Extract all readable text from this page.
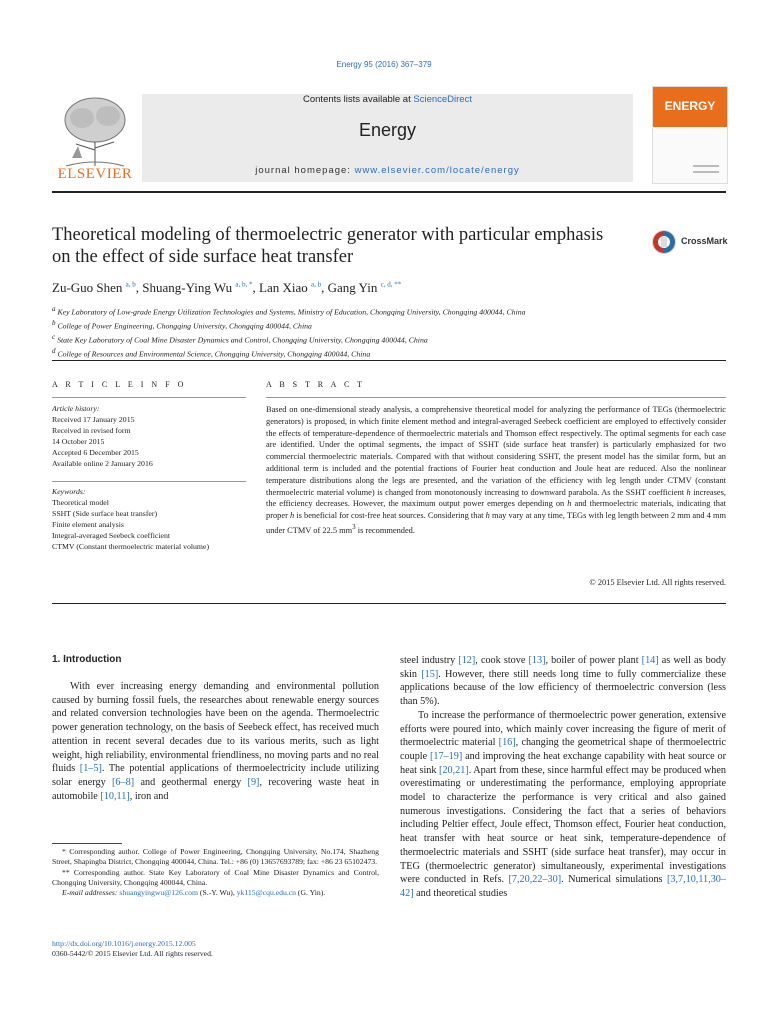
Energy 95 (2016) 367–379
ELSEVIER
Contents lists available at ScienceDirect
Energy
journal homepage: www.elsevier.com/locate/energy
ENERGY
Theoretical modeling of thermoelectric generator with particular emphasis on the effect of side surface heat transfer
CrossMark
Zu-Guo Shen $^{a, b}$, Shuang-Ying Wu $^{a, b, *}$, Lan Xiao $^{a, b}$, Gang Yin $^{c, d, **}$
$^a$ Key Laboratory of Low-grade Energy Utilization Technologies and Systems, Ministry of Education, Chongqing University, Chongqing 400044, China
$^b$ College of Power Engineering, Chongqing University, Chongqing 400044, China
$^c$ State Key Laboratory of Coal Mine Disaster Dynamics and Control, Chongqing University, Chongqing 400044, China
$^d$ College of Resources and Environmental Science, Chongqing University, Chongqing 400044, China
A R T I C L E I N F O	A B S T R A C T
Article history:
Received 17 January 2015
Received in revised form
14 October 2015
Accepted 6 December 2015
Available online 2 January 2016
Keywords:
Theoretical model
SSHT (Side surface heat transfer)
Finite element analysis
Integral-averaged Seebeck coefficient
CTMV (Constant thermoelectric material volume)
Based on one-dimensional steady analysis, a comprehensive theoretical model for analyzing the performance of TEGs (thermoelectric generators) is proposed, in which finite element method and integral-averaged Seebeck coefficient are employed to effectively consider the effects of temperature-dependence of thermoelectric materials and Thomson effect respectively. The optimal segments for each case are identified. Under the optimal segments, the impact of SSHT (side surface heat transfer) is particularly emphasized for two commercial thermoelectric materials. Compared with that without considering SSHT, the present model has the similar form, but an additional term is included and the potential fractions of Fourier heat conduction and Joule heat are reduced. Also the nonlinear temperature distributions along the legs are presented, and the variation of the efficiency with leg length under CTMV (constant thermoelectric material volume) is changed from monotonously increasing to downward parabola. As the SSHT coefficient h increases, the efficiency decreases. However, the maximum output power emerges depending on h and thermoelectric materials, indicating that proper h is beneficial for cost-free heat sources. Considering that h may vary at any time, TEGs with leg length between 2 mm and 4 mm under CTMV of 22.5 $mm^3$ is recommended.
© 2015 Elsevier Ltd. All rights reserved.
1. Introduction
With ever increasing energy demanding and environmental pollution caused by burning fossil fuels, the researches about renewable energy sources and related conversion technologies have been on the agenda. Thermoelectric power generation technology, on the basis of Seebeck effect, has received much attention in recent several decades due to its various merits, such as light weight, high reliability, environmental friendliness, no moving parts and no real fluids [1–5]. The potential applications of thermoelectricity include utilizing solar energy [6–8] and geothermal energy [9], recovering waste heat in automobile [10,11], iron and

steel industry [12], cook stove [13], boiler of power plant [14] as well as body skin [15]. However, there still needs long time to fully commercialize these applications because of the low efficiency of thermoelectric conversion (less than 5%).

To increase the performance of thermoelectric power generation, extensive efforts were poured into, which mainly cover increasing the figure of merit of thermoelectric material [16], changing the geometrical shape of thermoelectric couple [17–19] and improving the heat exchange capability with heat source or heat sink [20,21]. Apart from these, since harmful effect may be produced when overestimating or underestimating the performance, employing appropriate model to characterize the performance is very critical and also gained numerous investigations. Considering the fact that a series of behaviors including Peltier effect, Joule effect, Thomson effect, Fourier heat conduction, heat transfer with heat source or heat sink, temperature-dependence of thermoelectric materials and SSHT (side surface heat transfer), may occur in TEG (thermoelectric generator) simultaneously, experimental investigations were conducted in Refs. [7,20,22–30]. Numerical simulations [3,7,10,11,30–42] and theoretical studies

* Corresponding author. College of Power Engineering, Chongqing University, No.174, Shazheng Street, Shapingba District, Chongqing 400044, China. Tel.: +86 (0) 13657693789; fax: +86 23 65102473.

** Corresponding author. State Key Laboratory of Coal Mine Disaster Dynamics and Control, Chongqing University, Chongqing 400044, China.

E-mail addresses: shuangyingwu@126.com (S.-Y. Wu), yk115@cqu.edu.cn (G. Yin).

http://dx.doi.org/10.1016/j.energy.2015.12.005
0360-5442/© 2015 Elsevier Ltd. All rights reserved.
